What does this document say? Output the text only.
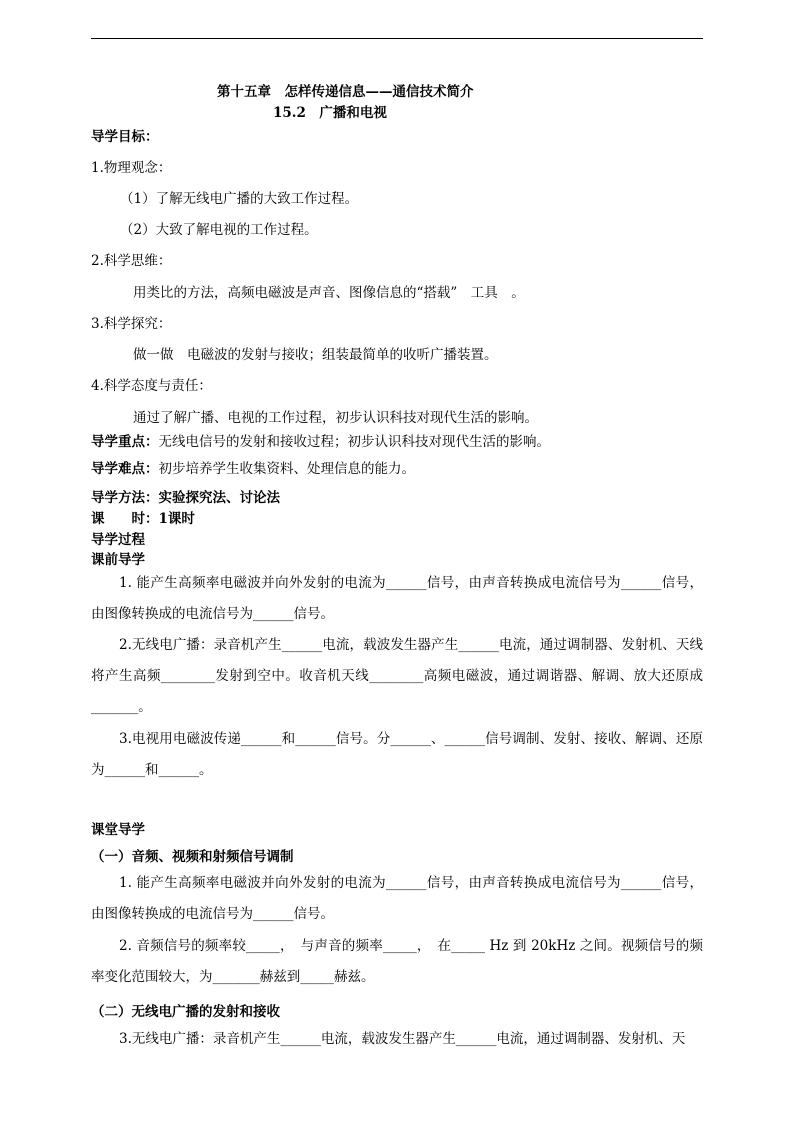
第十五章　怎样传递信息——通信技术简介
15.2　广播和电视
导学目标：
1.物理观念：
（1）了解无线电广播的大致工作过程。
（2）大致了解电视的工作过程。
2.科学思维：
用类比的方法，高频电磁波是声音、图像信息的“搭载”　工具　。
3.科学探究：
做一做　电磁波的发射与接收；组装最简单的收听广播装置。
4.科学态度与责任：
通过了解广播、电视的工作过程，初步认识科技对现代生活的影响。
导学重点：无线电信号的发射和接收过程；初步认识科技对现代生活的影响。
导学难点：初步培养学生收集资料、处理信息的能力。
导学方法：实验探究法、讨论法
课　　时：1课时
导学过程
课前导学
1. 能产生高频率电磁波并向外发射的电流为______信号，由声音转换成电流信号为______信号，由图像转换成的电流信号为______信号。
2.无线电广播：录音机产生______电流，载波发生器产生______电流，通过调制器、发射机、天线将产生高频________发射到空中。收音机天线________高频电磁波，通过调谐器、解调、放大还原成_______。
3.电视用电磁波传递______和______信号。分______、______信号调制、发射、接收、解调、还原为______和______。
课堂导学
（一）音频、视频和射频信号调制
1. 能产生高频率电磁波并向外发射的电流为______信号，由声音转换成电流信号为______信号，由图像转换成的电流信号为______信号。
2. 音频信号的频率较_____，　与声音的频率_____，　在_____ Hz 到 20kHz 之间。视频信号的频率变化范围较大，为_______赫兹到_____赫兹。
（二）无线电广播的发射和接收
3.无线电广播：录音机产生______电流，载波发生器产生______电流，通过调制器、发射机、天
